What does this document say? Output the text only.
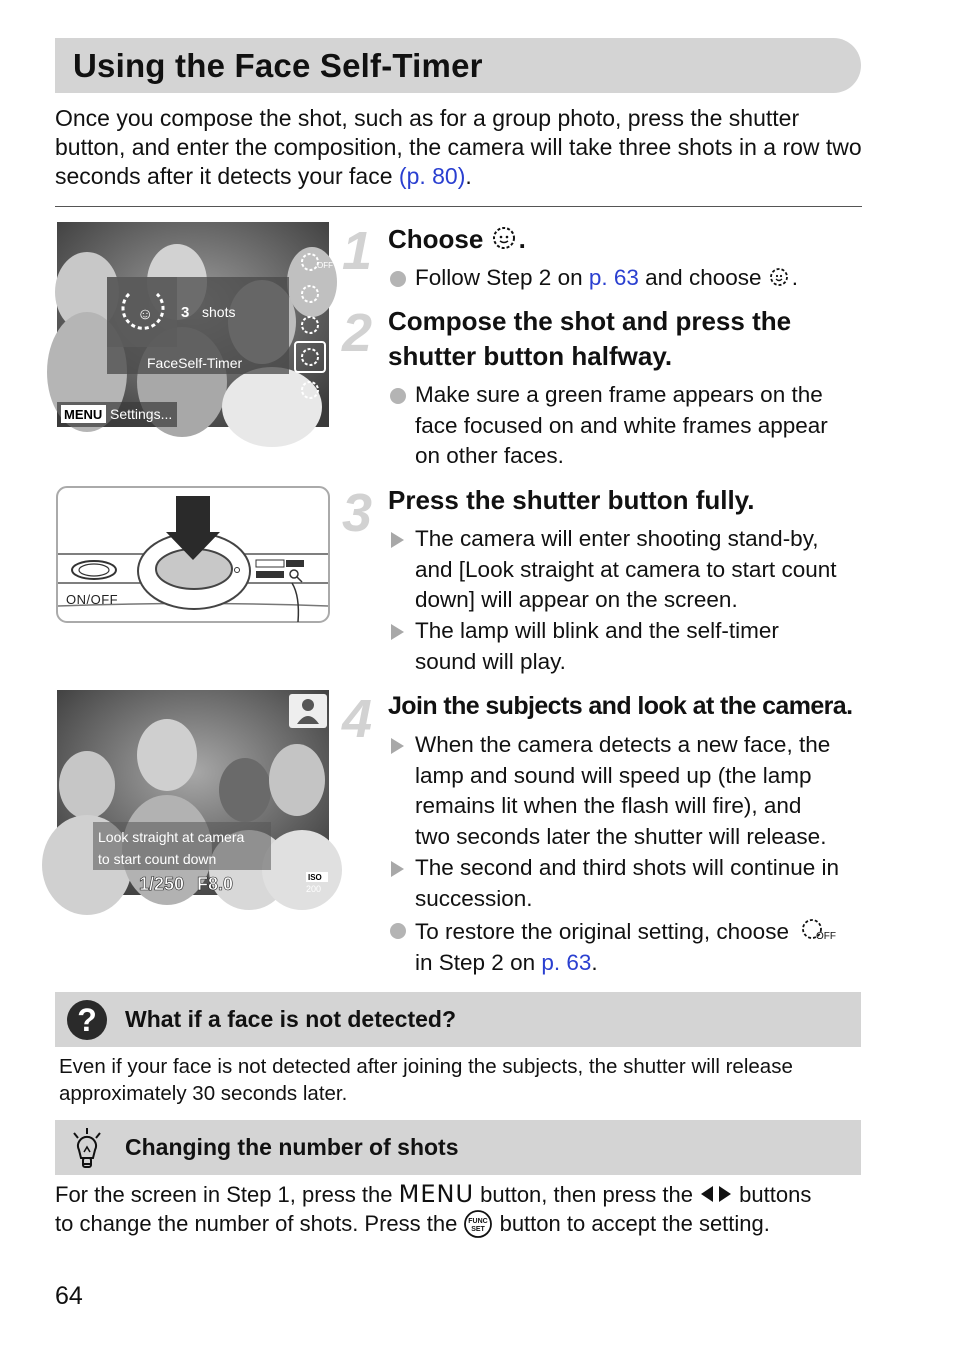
Using the Face Self-Timer
Once you compose the shot, such as for a group photo, press the shutter button, and enter the composition, the camera will take three shots in a row two seconds after it detects your face (p. 80).
☺ 3 shots
FaceSelf-Timer
OFF
MENU Settings...
ON/OFF
Look straight at camera
to start count down
1/250 F8.0	ISO
200
1 Choose .
Follow Step 2 on p. 63 and choose .
2 Compose the shot and press the
shutter button halfway.
Make sure a green frame appears on the
face focused on and white frames appear
on other faces.
3 Press the shutter button fully.
The camera will enter shooting stand-by,
and [Look straight at camera to start count
down] will appear on the screen.
The lamp will blink and the self-timer
sound will play.
4 Join the subjects and look at the camera.
When the camera detects a new face, the
lamp and sound will speed up (the lamp
remains lit when the flash will fire), and
two seconds later the shutter will release.
The second and third shots will continue in
succession.
To restore the original setting, choose	OFF
in Step 2 on p. 63.
? What if a face is not detected?
Even if your face is not detected after joining the subjects, the shutter will release
approximately 30 seconds later.
Changing the number of shots
For the screen in Step 1, press the MENU button, then press the  buttons
to change the number of shots. Press the FUNC
SET button to accept the setting.
64
